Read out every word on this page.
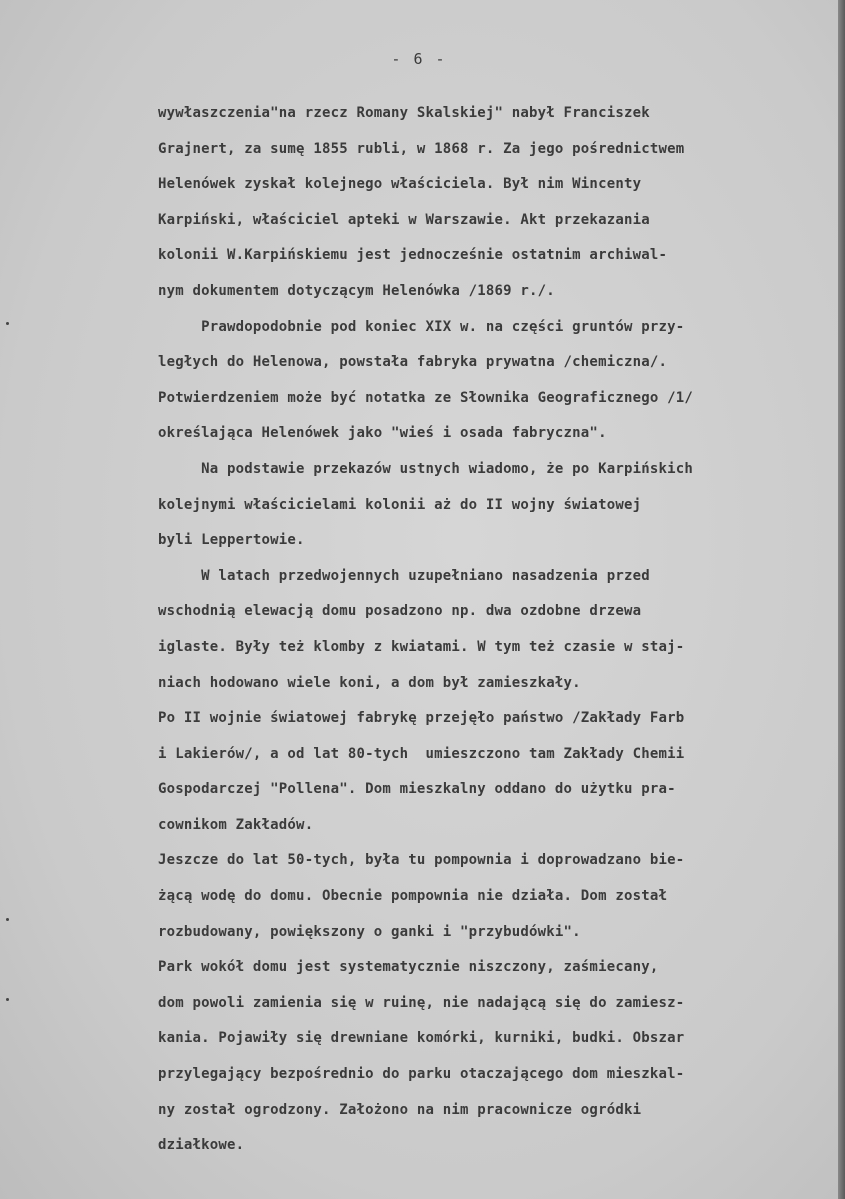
- 6 -
wywłaszczenia"na rzecz Romany Skalskiej" nabył Franciszek
Grajnert, za sumę 1855 rubli, w 1868 r. Za jego pośrednictwem
Helenówek zyskał kolejnego właściciela. Był nim Wincenty
Karpiński, właściciel apteki w Warszawie. Akt przekazania
kolonii W.Karpińskiemu jest jednocześnie ostatnim archiwal-
nym dokumentem dotyczącym Helenówka /1869 r./.
Prawdopodobnie pod koniec XIX w. na części gruntów przy-
ległych do Helenowa, powstała fabryka prywatna /chemiczna/.
Potwierdzeniem może być notatka ze Słownika Geograficznego /1/
określająca Helenówek jako "wieś i osada fabryczna".
Na podstawie przekazów ustnych wiadomo, że po Karpińskich
kolejnymi właścicielami kolonii aż do II wojny światowej
byli Leppertowie.
W latach przedwojennych uzupełniano nasadzenia przed
wschodnią elewacją domu posadzono np. dwa ozdobne drzewa
iglaste. Były też klomby z kwiatami. W tym też czasie w staj-
niach hodowano wiele koni, a dom był zamieszkały.
Po II wojnie światowej fabrykę przejęło państwo /Zakłady Farb
i Lakierów/, a od lat 80-tych  umieszczono tam Zakłady Chemii
Gospodarczej "Pollena". Dom mieszkalny oddano do użytku pra-
cownikom Zakładów.
Jeszcze do lat 50-tych, była tu pompownia i doprowadzano bie-
żącą wodę do domu. Obecnie pompownia nie działa. Dom został
rozbudowany, powiększony o ganki i "przybudówki".
Park wokół domu jest systematycznie niszczony, zaśmiecany,
dom powoli zamienia się w ruinę, nie nadającą się do zamiesz-
kania. Pojawiły się drewniane komórki, kurniki, budki. Obszar
przylegający bezpośrednio do parku otaczającego dom mieszkal-
ny został ogrodzony. Założono na nim pracownicze ogródki
działkowe.
